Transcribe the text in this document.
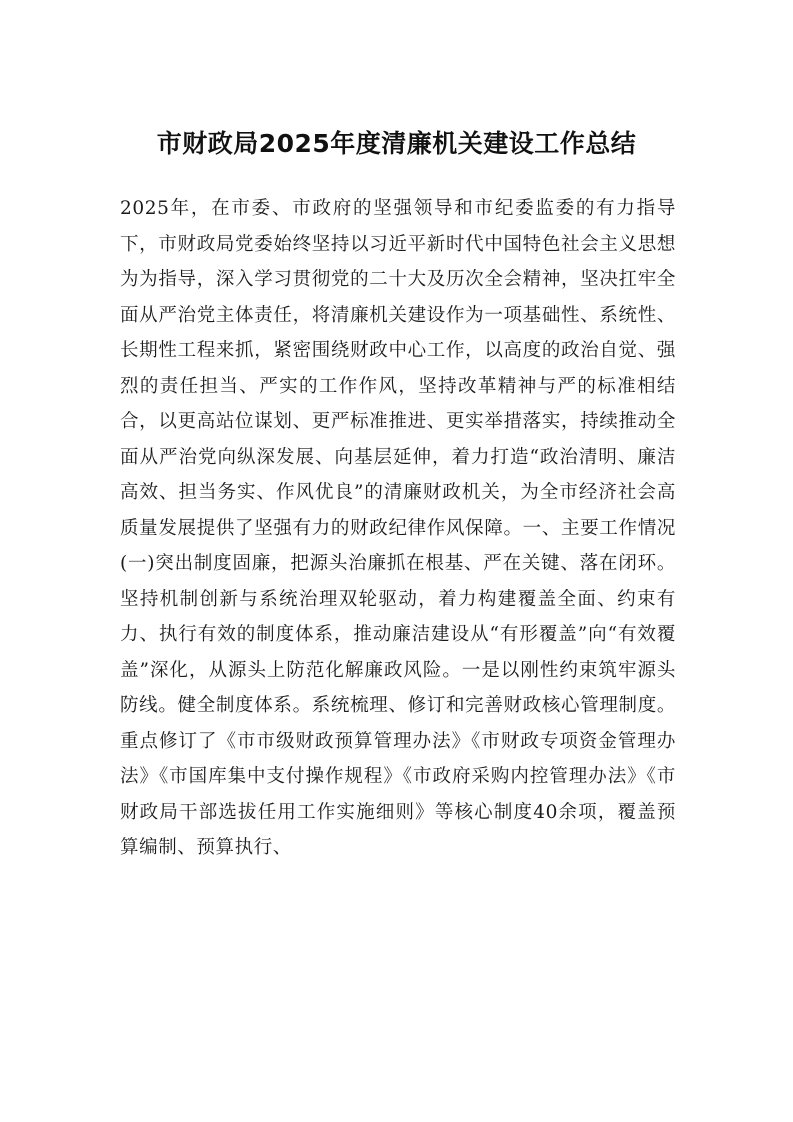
市财政局2025年度清廉机关建设工作总结

2025年，在市委、市政府的坚强领导和市纪委监委的有力指导下，市财政局党委始终坚持以习近平新时代中国特色社会主义思想为为指导，深入学习贯彻党的二十大及历次全会精神，坚决扛牢全面从严治党主体责任，将清廉机关建设作为一项基础性、系统性、长期性工程来抓，紧密围绕财政中心工作，以高度的政治自觉、强烈的责任担当、严实的工作作风，坚持改革精神与严的标准相结合，以更高站位谋划、更严标准推进、更实举措落实，持续推动全面从严治党向纵深发展、向基层延伸，着力打造“政治清明、廉洁高效、担当务实、作风优良”的清廉财政机关，为全市经济社会高质量发展提供了坚强有力的财政纪律作风保障。一、主要工作情况(一)突出制度固廉，把源头治廉抓在根基、严在关键、落在闭环。坚持机制创新与系统治理双轮驱动，着力构建覆盖全面、约束有力、执行有效的制度体系，推动廉洁建设从“有形覆盖”向“有效覆盖”深化，从源头上防范化解廉政风险。一是以刚性约束筑牢源头防线。健全制度体系。系统梳理、修订和完善财政核心管理制度。重点修订了《市市级财政预算管理办法》《市财政专项资金管理办法》《市国库集中支付操作规程》《市政府采购内控管理办法》《市财政局干部选拔任用工作实施细则》等核心制度40余项，覆盖预算编制、预算执行、
